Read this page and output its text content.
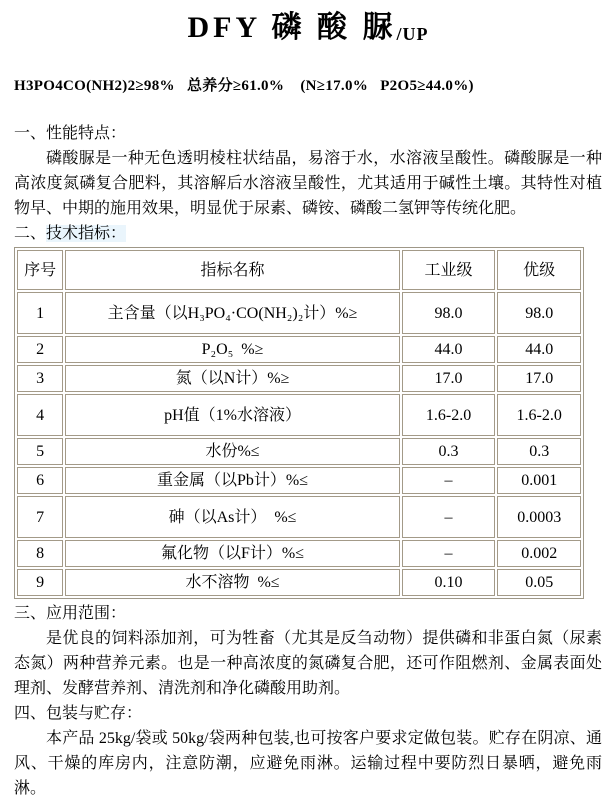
DFY 磷 酸 脲/UP
H3PO4CO(NH2)2≥98%   总养分≥61.0%    (N≥17.0%   P2O5≥44.0%)
一、性能特点：

磷酸脲是一种无色透明棱柱状结晶，易溶于水，水溶液呈酸性。磷酸脲是一种高浓度氮磷复合肥料，其溶解后水溶液呈酸性，尤其适用于碱性土壤。其特性对植物早、中期的施用效果，明显优于尿素、磷铵、磷酸二氢钾等传统化肥。

二、技术指标：
序号	指标名称	工业级	优级
1	主含量（以H₃PO₄·CO(NH₂)₂计）%≥	98.0	98.0
2	P₂O₅  %≥	44.0	44.0
3	氮（以N计）%≥	17.0	17.0
4	pH值（1%水溶液）	1.6-2.0	1.6-2.0
5	水份%≤	0.3	0.3
6	重金属（以Pb计）%≤	–	0.001
7	砷（以As计）  %≤	–	0.0003
8	氟化物（以F计）%≤	–	0.002
9	水不溶物  %≤	0.10	0.05
三、应用范围：

是优良的饲料添加剂，可为牲畜（尤其是反刍动物）提供磷和非蛋白氮（尿素态氮）两种营养元素。也是一种高浓度的氮磷复合肥，还可作阻燃剂、金属表面处理剂、发酵营养剂、清洗剂和净化磷酸用助剂。

四、包装与贮存：

本产品 25kg/袋或 50kg/袋两种包装,也可按客户要求定做包装。贮存在阴凉、通风、干燥的库房内，注意防潮，应避免雨淋。运输过程中要防烈日暴晒，避免雨淋。
